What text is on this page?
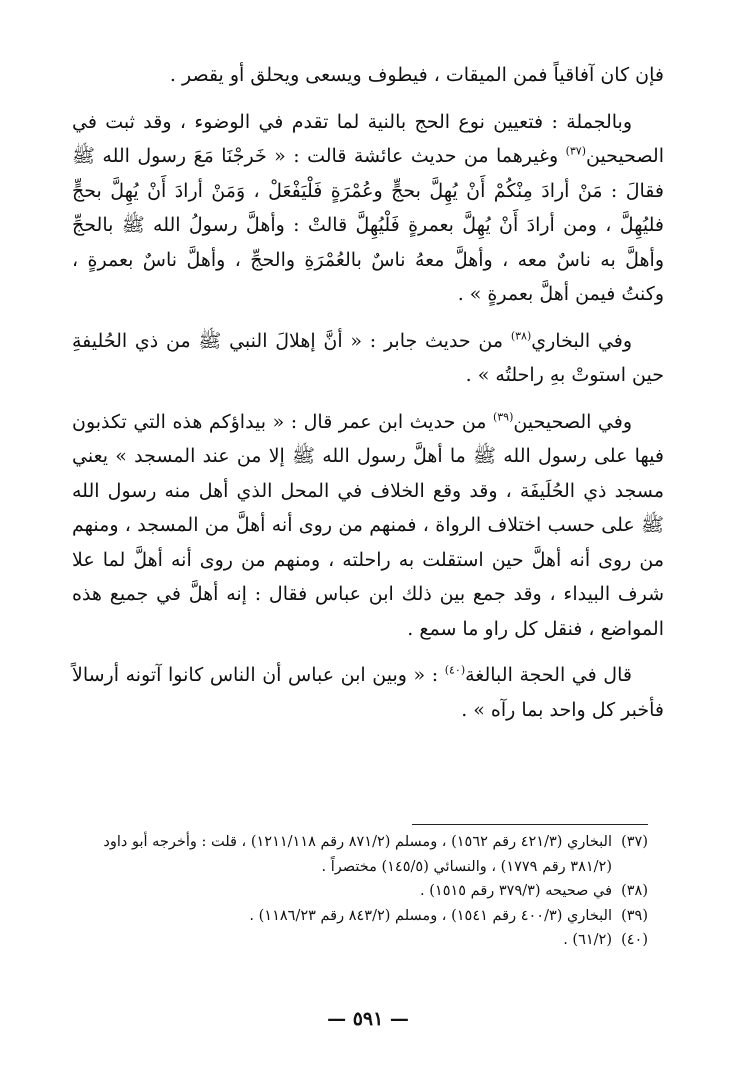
فإن كان آفاقياً فمن الميقات ، فيطوف ويسعى ويحلق أو يقصر .

وبالجملة : فتعيين نوع الحج بالنية لما تقدم في الوضوء ، وقد ثبت في الصحيحين$^{(٣٧)}$ وغيرهما من حديث عائشة قالت : « خَرجْنَا مَعَ رسول الله ﷺ فقالَ : مَنْ أرادَ مِنْكُمْ أَنْ يُهِلَّ بحجٍّ وعُمْرَةٍ فَلْيَفْعَلْ ، وَمَنْ أرادَ أَنْ يُهِلَّ بحجٍّ فليُهِلَّ ، ومن أرادَ أَنْ يُهِلَّ بعمرةٍ فَلْيُهِلَّ قالتْ : وأهلَّ رسولُ الله ﷺ بالحجِّ وأهلَّ به ناسٌ معه ، وأهلَّ معهُ ناسٌ بالعُمْرَةِ والحجِّ ، وأهلَّ ناسٌ بعمرةٍ ، وكنتُ فيمن أهلَّ بعمرةٍ » .

وفي البخاري$^{(٣٨)}$ من حديث جابر : « أنَّ إهلالَ النبي ﷺ من ذي الحُليفةِ حين استوتْ بهِ راحلتُه » .

وفي الصحيحين$^{(٣٩)}$ من حديث ابن عمر قال : « بيداؤكم هذه التي تكذبون فيها على رسول الله ﷺ ما أهلَّ رسول الله ﷺ إلا من عند المسجد » يعني مسجد ذي الحُلَيفَة ، وقد وقع الخلاف في المحل الذي أهل منه رسول الله ﷺ على حسب اختلاف الرواة ، فمنهم من روى أنه أهلَّ من المسجد ، ومنهم من روى أنه أهلَّ حين استقلت به راحلته ، ومنهم من روى أنه أهلَّ لما علا شرف البيداء ، وقد جمع بين ذلك ابن عباس فقال : إنه أهلَّ في جميع هذه المواضع ، فنقل كل راو ما سمع .

قال في الحجة البالغة$^{(٤٠)}$ : « وبين ابن عباس أن الناس كانوا آتونه أرسالاً فأخبر كل واحد بما رآه » .

(٣٧)
البخاري (٤٢١/٣ رقم ١٥٦٢) ، ومسلم (٨٧١/٢ رقم ١٢١١/١١٨) ، قلت : وأخرجه أبو داود (٣٨١/٢ رقم ١٧٧٩) ، والنسائي (١٤٥/٥) مختصراً .

(٣٨)
في صحيحه (٣٧٩/٣ رقم ١٥١٥) .

(٣٩)
البخاري (٤٠٠/٣ رقم ١٥٤١) ، ومسلم (٨٤٣/٢ رقم ١١٨٦/٢٣) .

(٤٠)
(٦١/٢) .

— ٥٩١ —
